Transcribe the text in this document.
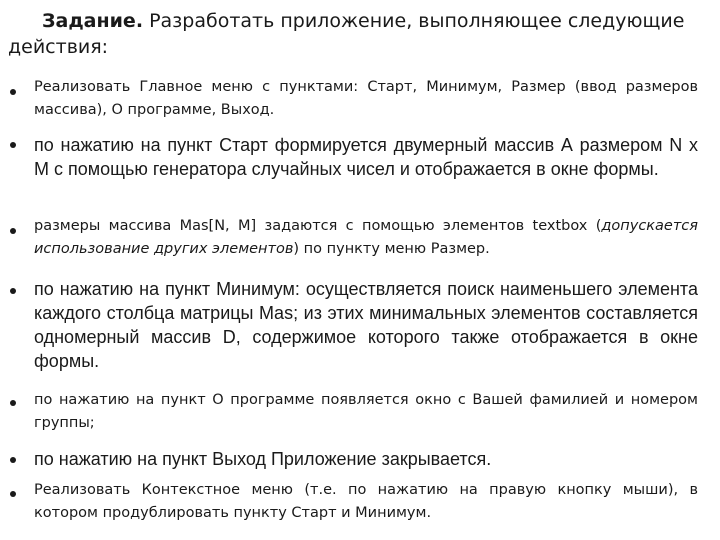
Задание. Разработать приложение, выполняющее следующие действия:

Реализовать Главное меню с пунктами: Старт, Минимум, Размер (ввод размеров массива), О программе, Выход.
по нажатию на пункт Старт формируется двумерный массив А размером N x M с помощью генератора случайных чисел и отображается в окне формы.
размеры массива Mas[N, M] задаются с помощью элементов textbox (допускается использование других элементов) по пункту меню Размер.
по нажатию на пункт Минимум: осуществляется поиск наименьшего элемента каждого столбца матрицы Mas; из этих минимальных элементов составляется одномерный массив D, содержимое которого также отображается в окне формы.
по нажатию на пункт О программе появляется окно с Вашей фамилией и номером группы;
по нажатию на пункт Выход Приложение закрывается.
Реализовать Контекстное меню (т.е. по нажатию на правую кнопку мыши), в котором продублировать пункту Старт и Минимум.
